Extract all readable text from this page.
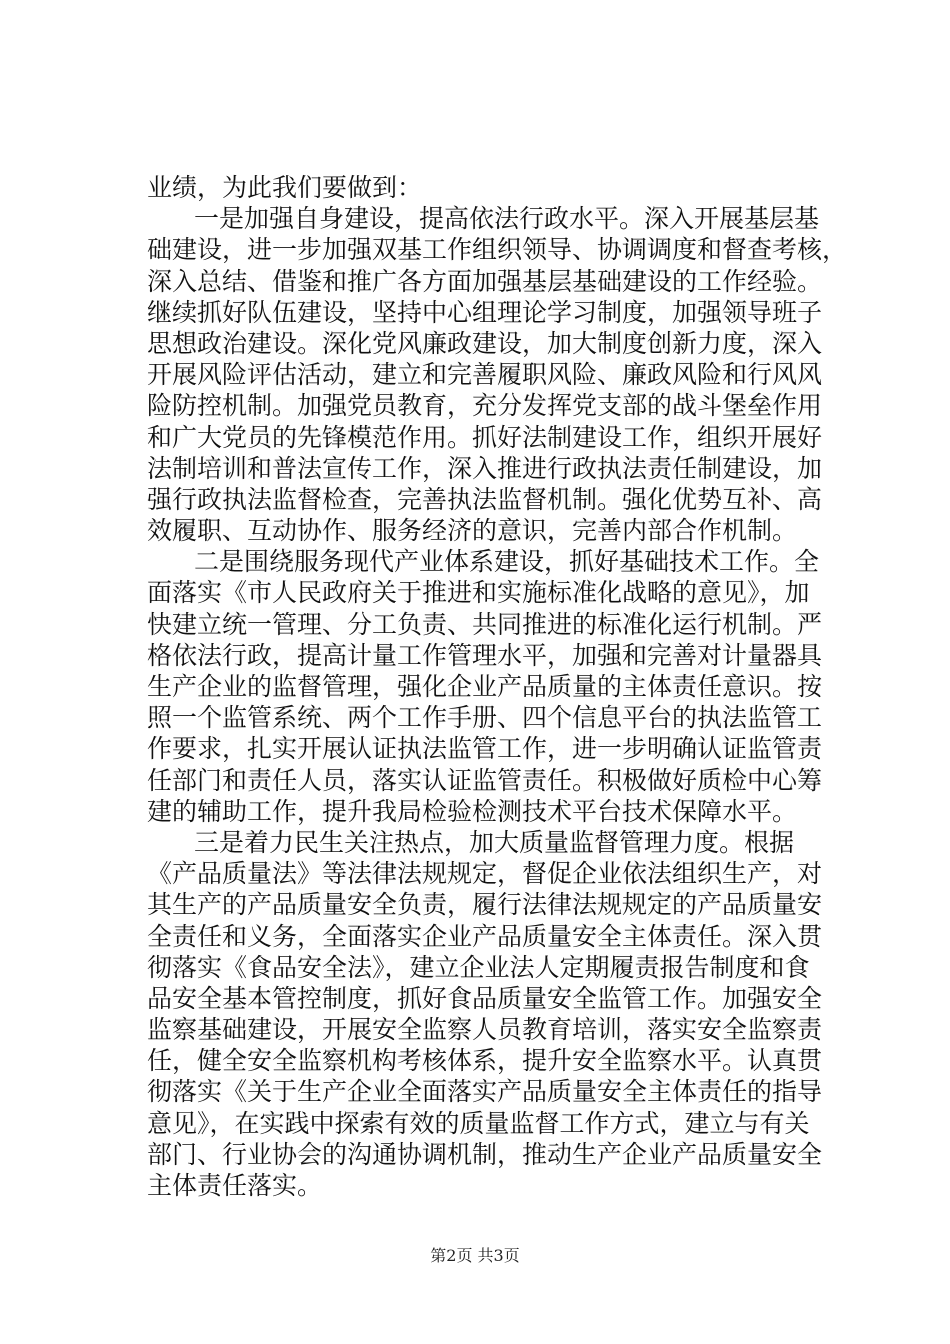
业绩，为此我们要做到：
一是加强自身建设，提高依法行政水平。深入开展基层基
础建设，进一步加强双基工作组织领导、协调调度和督查考核，
深入总结、借鉴和推广各方面加强基层基础建设的工作经验。
继续抓好队伍建设，坚持中心组理论学习制度，加强领导班子
思想政治建设。深化党风廉政建设，加大制度创新力度，深入
开展风险评估活动，建立和完善履职风险、廉政风险和行风风
险防控机制。加强党员教育，充分发挥党支部的战斗堡垒作用
和广大党员的先锋模范作用。抓好法制建设工作，组织开展好
法制培训和普法宣传工作，深入推进行政执法责任制建设，加
强行政执法监督检查，完善执法监督机制。强化优势互补、高
效履职、互动协作、服务经济的意识，完善内部合作机制。
二是围绕服务现代产业体系建设，抓好基础技术工作。全
面落实《市人民政府关于推进和实施标准化战略的意见》，加
快建立统一管理、分工负责、共同推进的标准化运行机制。严
格依法行政，提高计量工作管理水平，加强和完善对计量器具
生产企业的监督管理，强化企业产品质量的主体责任意识。按
照一个监管系统、两个工作手册、四个信息平台的执法监管工
作要求，扎实开展认证执法监管工作，进一步明确认证监管责
任部门和责任人员，落实认证监管责任。积极做好质检中心筹
建的辅助工作，提升我局检验检测技术平台技术保障水平。
三是着力民生关注热点，加大质量监督管理力度。根据
《产品质量法》等法律法规规定，督促企业依法组织生产，对
其生产的产品质量安全负责，履行法律法规规定的产品质量安
全责任和义务，全面落实企业产品质量安全主体责任。深入贯
彻落实《食品安全法》，建立企业法人定期履责报告制度和食
品安全基本管控制度，抓好食品质量安全监管工作。加强安全
监察基础建设，开展安全监察人员教育培训，落实安全监察责
任，健全安全监察机构考核体系，提升安全监察水平。认真贯
彻落实《关于生产企业全面落实产品质量安全主体责任的指导
意见》，在实践中探索有效的质量监督工作方式，建立与有关
部门、行业协会的沟通协调机制，推动生产企业产品质量安全
主体责任落实。
第2页 共3页
